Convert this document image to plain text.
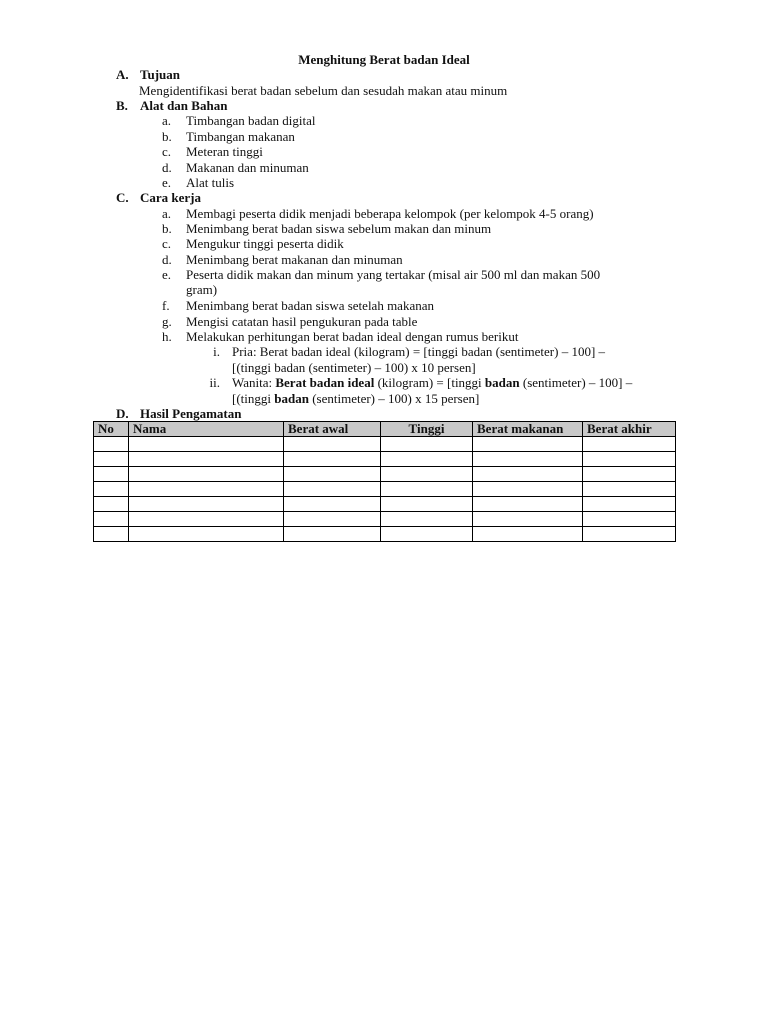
Menghitung Berat badan Ideal
A. Tujuan
Mengidentifikasi berat badan sebelum dan sesudah makan atau minum
B. Alat dan Bahan
a. Timbangan badan digital
b. Timbangan makanan
c. Meteran tinggi
d. Makanan dan minuman
e. Alat tulis
C. Cara kerja
a. Membagi peserta didik menjadi beberapa kelompok (per kelompok 4-5 orang)
b. Menimbang berat badan siswa sebelum makan dan minum
c. Mengukur tinggi peserta didik
d. Menimbang berat makanan dan minuman
e. Peserta didik makan dan minum yang tertakar (misal air 500 ml dan makan 500
gram)
f. Menimbang berat badan siswa setelah makanan
g. Mengisi catatan hasil pengukuran pada table
h. Melakukan perhitungan berat badan ideal dengan rumus berikut
i. Pria: Berat badan ideal (kilogram) = [tinggi badan (sentimeter) – 100] –
[(tinggi badan (sentimeter) – 100) x 10 persen]
ii. Wanita: Berat badan ideal (kilogram) = [tinggi badan (sentimeter) – 100] –
[(tinggi badan (sentimeter) – 100) x 15 persen]
D. Hasil Pengamatan
No	Nama	Berat awal	Tinggi	Berat makanan	Berat akhir
